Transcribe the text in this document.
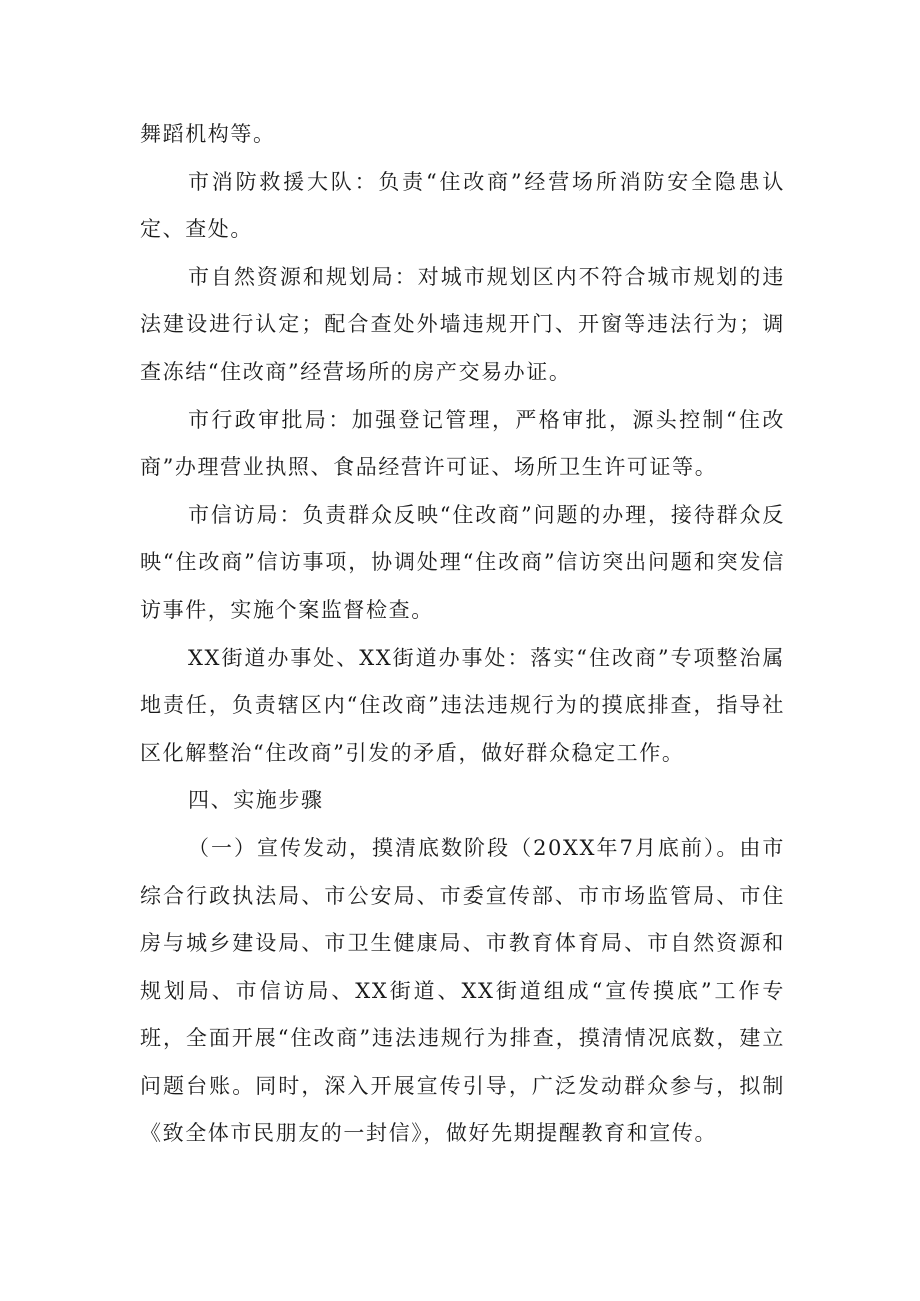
舞蹈机构等。

市消防救援大队：负责“住改商”经营场所消防安全隐患认定、查处。

市自然资源和规划局：对城市规划区内不符合城市规划的违法建设进行认定；配合查处外墙违规开门、开窗等违法行为；调查冻结“住改商”经营场所的房产交易办证。

市行政审批局：加强登记管理，严格审批，源头控制“住改商”办理营业执照、食品经营许可证、场所卫生许可证等。

市信访局：负责群众反映“住改商”问题的办理，接待群众反映“住改商”信访事项，协调处理“住改商”信访突出问题和突发信访事件，实施个案监督检查。

XX街道办事处、XX街道办事处：落实“住改商”专项整治属地责任，负责辖区内“住改商”违法违规行为的摸底排查，指导社区化解整治“住改商”引发的矛盾，做好群众稳定工作。

四、实施步骤

（一）宣传发动，摸清底数阶段（20XX年7月底前）。由市综合行政执法局、市公安局、市委宣传部、市市场监管局、市住房与城乡建设局、市卫生健康局、市教育体育局、市自然资源和规划局、市信访局、XX街道、XX街道组成“宣传摸底”工作专班，全面开展“住改商”违法违规行为排查，摸清情况底数，建立问题台账。同时，深入开展宣传引导，广泛发动群众参与，拟制《致全体市民朋友的一封信》，做好先期提醒教育和宣传。
